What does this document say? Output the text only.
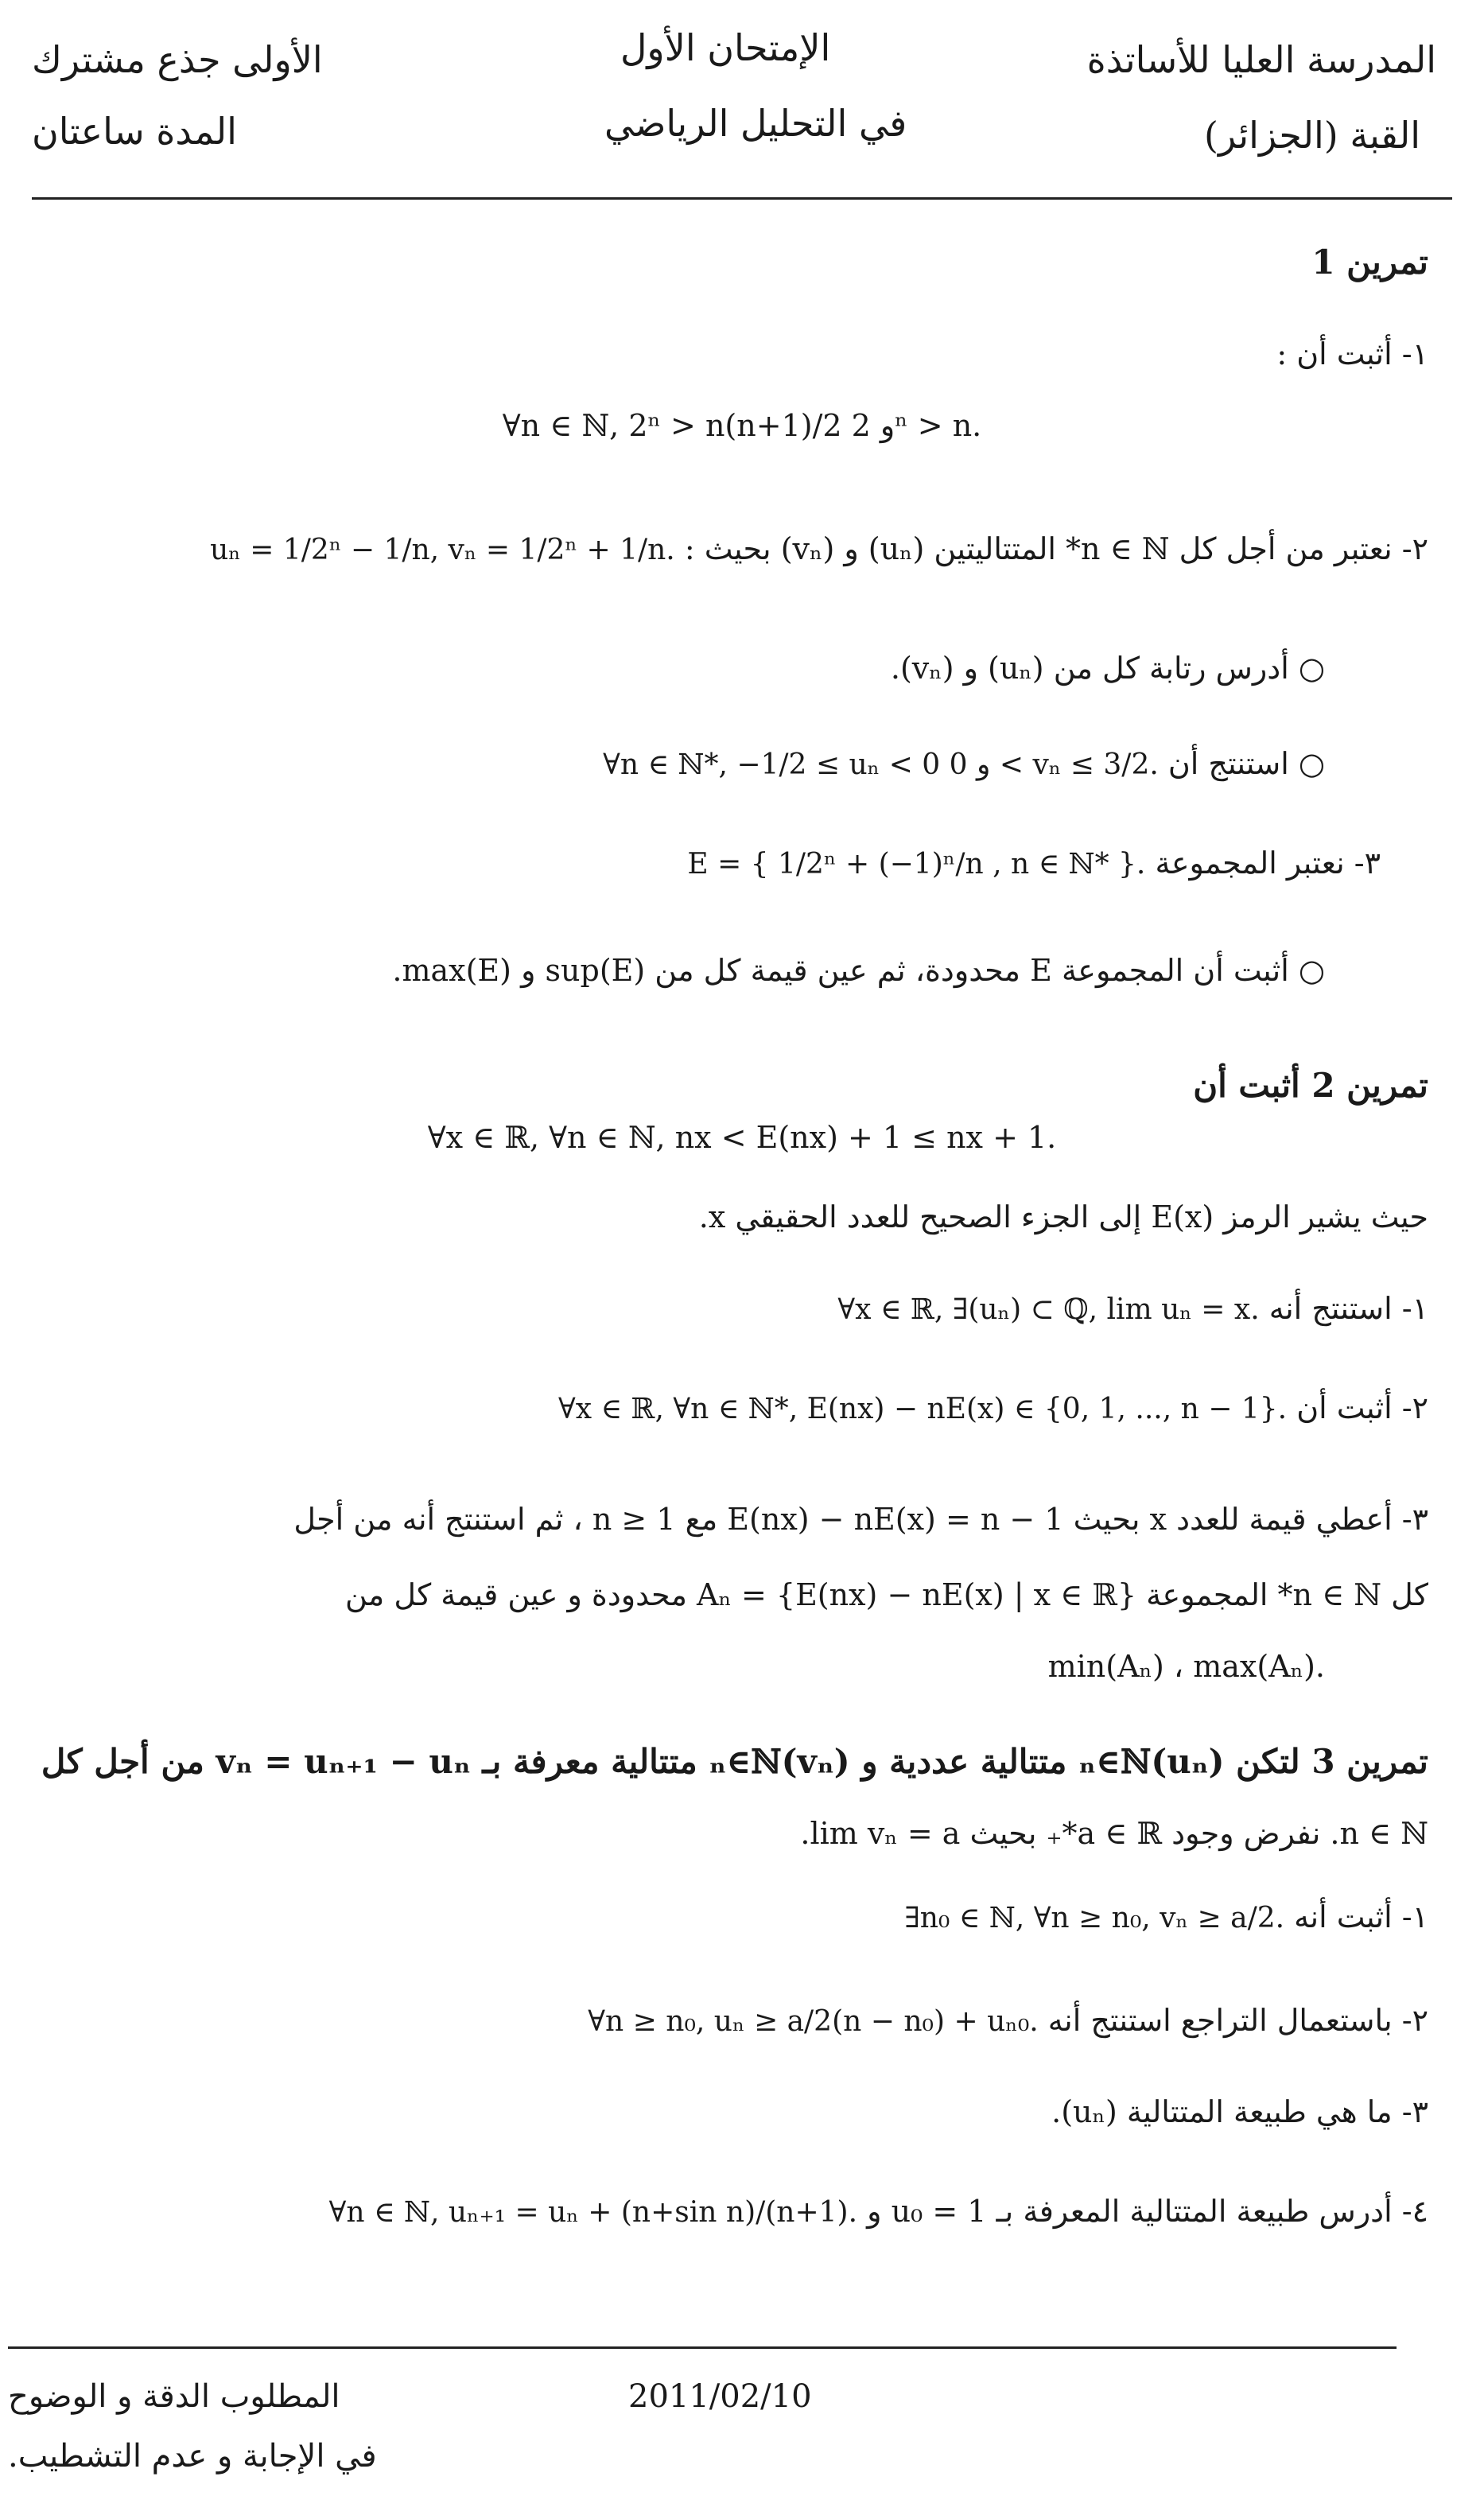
المدرسة العليا للأساتذة
القبة (الجزائر)
الإمتحان الأول
في التحليل الرياضي
الأولى جذع مشترك
المدة ساعتان
تمرين 1
١- أثبت أن :
∀n ∈ ℕ, 2ⁿ > n(n+1)/2 و 2ⁿ > n.
٢- نعتبر من أجل كل n ∈ ℕ* المتتاليتين (uₙ) و (vₙ) بحيث : uₙ = 1/2ⁿ − 1/n, vₙ = 1/2ⁿ + 1/n.
○ أدرس رتابة كل من (uₙ) و (vₙ).
○ استنتج أن ∀n ∈ ℕ*, −1/2 ≤ uₙ < 0 و 0 < vₙ ≤ 3/2.
٣- نعتبر المجموعة E = { 1/2ⁿ + (−1)ⁿ/n , n ∈ ℕ* }.
○ أثبت أن المجموعة E محدودة، ثم عين قيمة كل من sup(E) و max(E).
تمرين 2 أثبت أن
∀x ∈ ℝ, ∀n ∈ ℕ, nx < E(nx) + 1 ≤ nx + 1.
حيث يشير الرمز E(x) إلى الجزء الصحيح للعدد الحقيقي x.
١- استنتج أنه ∀x ∈ ℝ, ∃(uₙ) ⊂ ℚ, lim uₙ = x.
٢- أثبت أن ∀x ∈ ℝ, ∀n ∈ ℕ*, E(nx) − nE(x) ∈ {0, 1, ..., n − 1}.
٣- أعطي قيمة للعدد x بحيث E(nx) − nE(x) = n − 1 مع n ≥ 1 ، ثم استنتج أنه من أجل
كل n ∈ ℕ* المجموعة Aₙ = {E(nx) − nE(x) | x ∈ ℝ} محدودة و عين قيمة كل من
.min(Aₙ) ، max(Aₙ)
تمرين 3 لتكن (uₙ)ₙ∈ℕ متتالية عددية و (vₙ)ₙ∈ℕ متتالية معرفة بـ vₙ = uₙ₊₁ − uₙ من أجل كل
n ∈ ℕ. نفرض وجود a ∈ ℝ*₊ بحيث lim vₙ = a.
١- أثبت أنه ∃n₀ ∈ ℕ, ∀n ≥ n₀, vₙ ≥ a/2.
٢- باستعمال التراجع استنتج أنه ∀n ≥ n₀, uₙ ≥ a/2(n − n₀) + uₙ₀.
٣- ما هي طبيعة المتتالية (uₙ).
٤- أدرس طبيعة المتتالية المعرفة بـ u₀ = 1 و ∀n ∈ ℕ, uₙ₊₁ = uₙ + (n+sin n)/(n+1).
المطلوب الدقة و الوضوح
في الإجابة و عدم التشطيب.
2011/02/10
